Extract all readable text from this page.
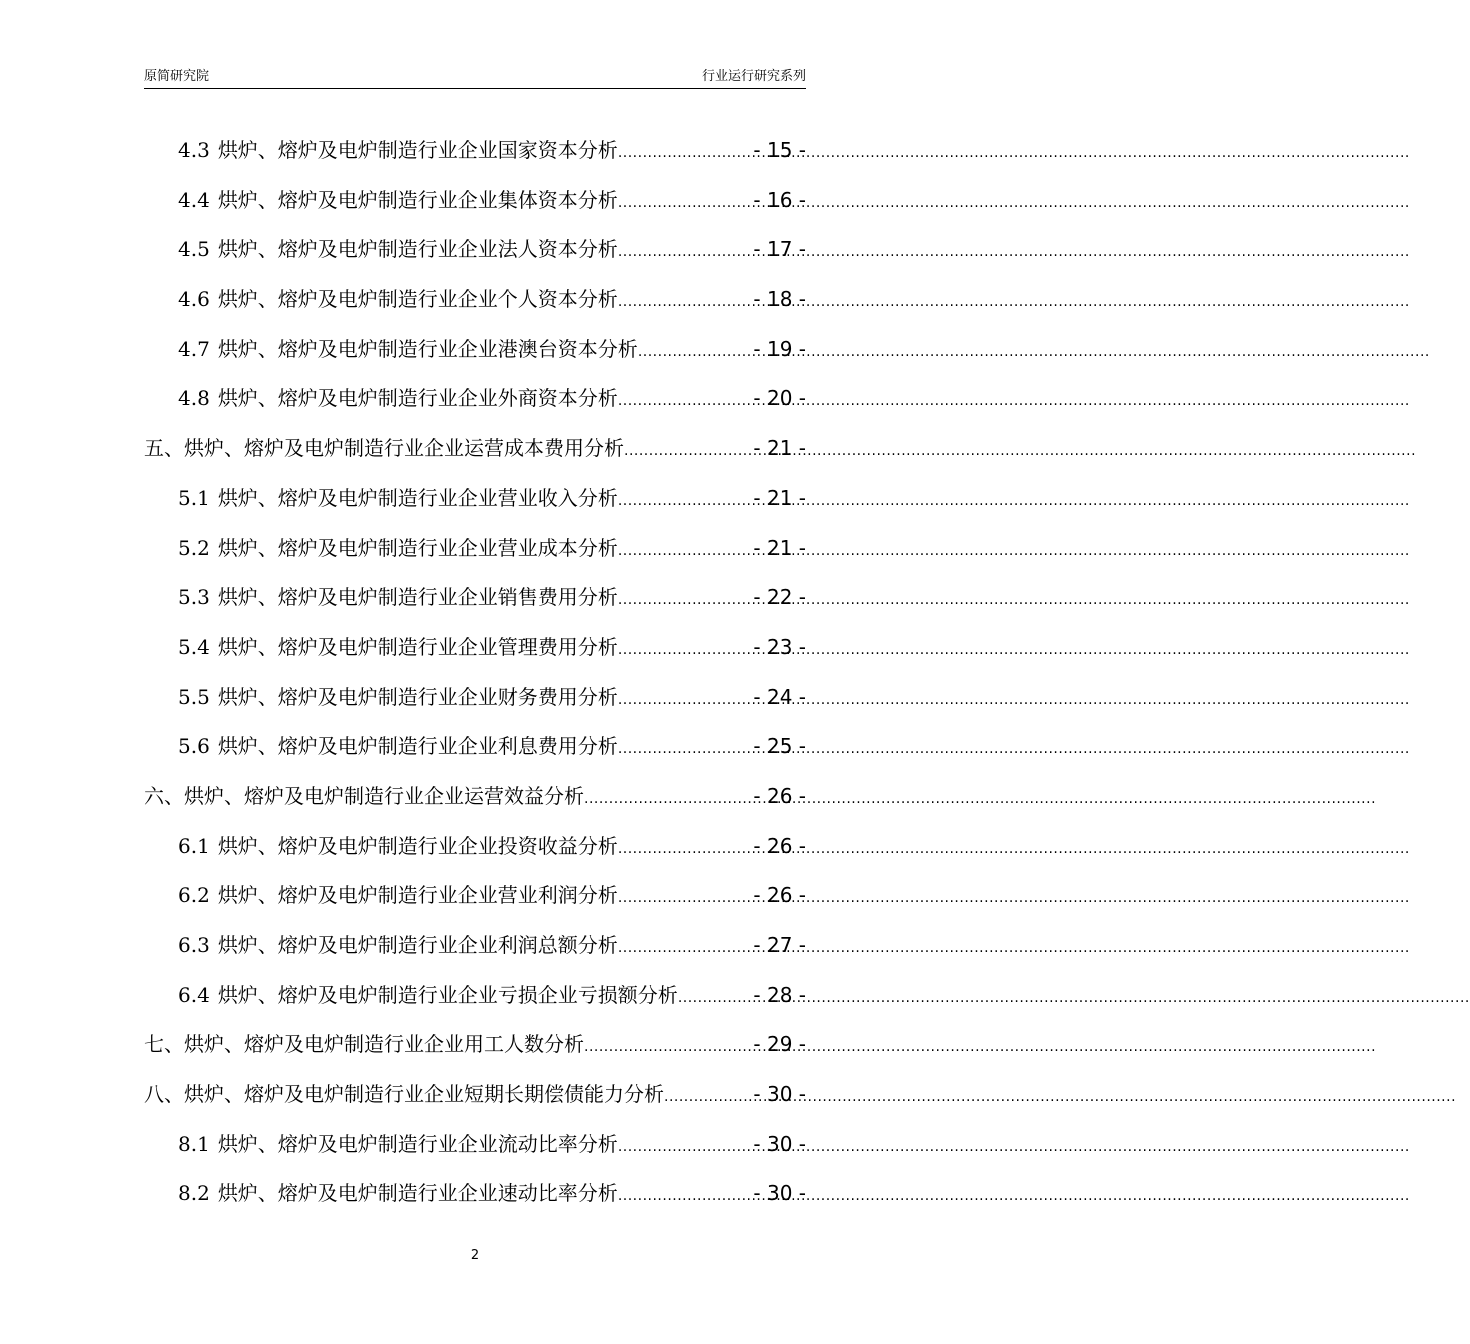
原简研究院	行业运行研究系列
4.3 烘炉、熔炉及电炉制造行业企业国家资本分析 .....	- 15 -
4.4 烘炉、熔炉及电炉制造行业企业集体资本分析 .....	- 16 -
4.5 烘炉、熔炉及电炉制造行业企业法人资本分析 .....	- 17 -
4.6 烘炉、熔炉及电炉制造行业企业个人资本分析 .....	- 18 -
4.7 烘炉、熔炉及电炉制造行业企业港澳台资本分析 .....	- 19 -
4.8 烘炉、熔炉及电炉制造行业企业外商资本分析 .....	- 20 -
五、烘炉、熔炉及电炉制造行业企业运营成本费用分析 .....	- 21 -
5.1 烘炉、熔炉及电炉制造行业企业营业收入分析 .....	- 21 -
5.2 烘炉、熔炉及电炉制造行业企业营业成本分析 .....	- 21 -
5.3 烘炉、熔炉及电炉制造行业企业销售费用分析 .....	- 22 -
5.4 烘炉、熔炉及电炉制造行业企业管理费用分析 .....	- 23 -
5.5 烘炉、熔炉及电炉制造行业企业财务费用分析 .....	- 24 -
5.6 烘炉、熔炉及电炉制造行业企业利息费用分析 .....	- 25 -
六、烘炉、熔炉及电炉制造行业企业运营效益分析 .....	- 26 -
6.1 烘炉、熔炉及电炉制造行业企业投资收益分析 .....	- 26 -
6.2 烘炉、熔炉及电炉制造行业企业营业利润分析 .....	- 26 -
6.3 烘炉、熔炉及电炉制造行业企业利润总额分析 .....	- 27 -
6.4 烘炉、熔炉及电炉制造行业企业亏损企业亏损额分析 .....	- 28 -
七、烘炉、熔炉及电炉制造行业企业用工人数分析 .....	- 29 -
八、烘炉、熔炉及电炉制造行业企业短期长期偿债能力分析 .....	- 30 -
8.1 烘炉、熔炉及电炉制造行业企业流动比率分析 .....	- 30 -
8.2 烘炉、熔炉及电炉制造行业企业速动比率分析 .....	- 30 -
2
